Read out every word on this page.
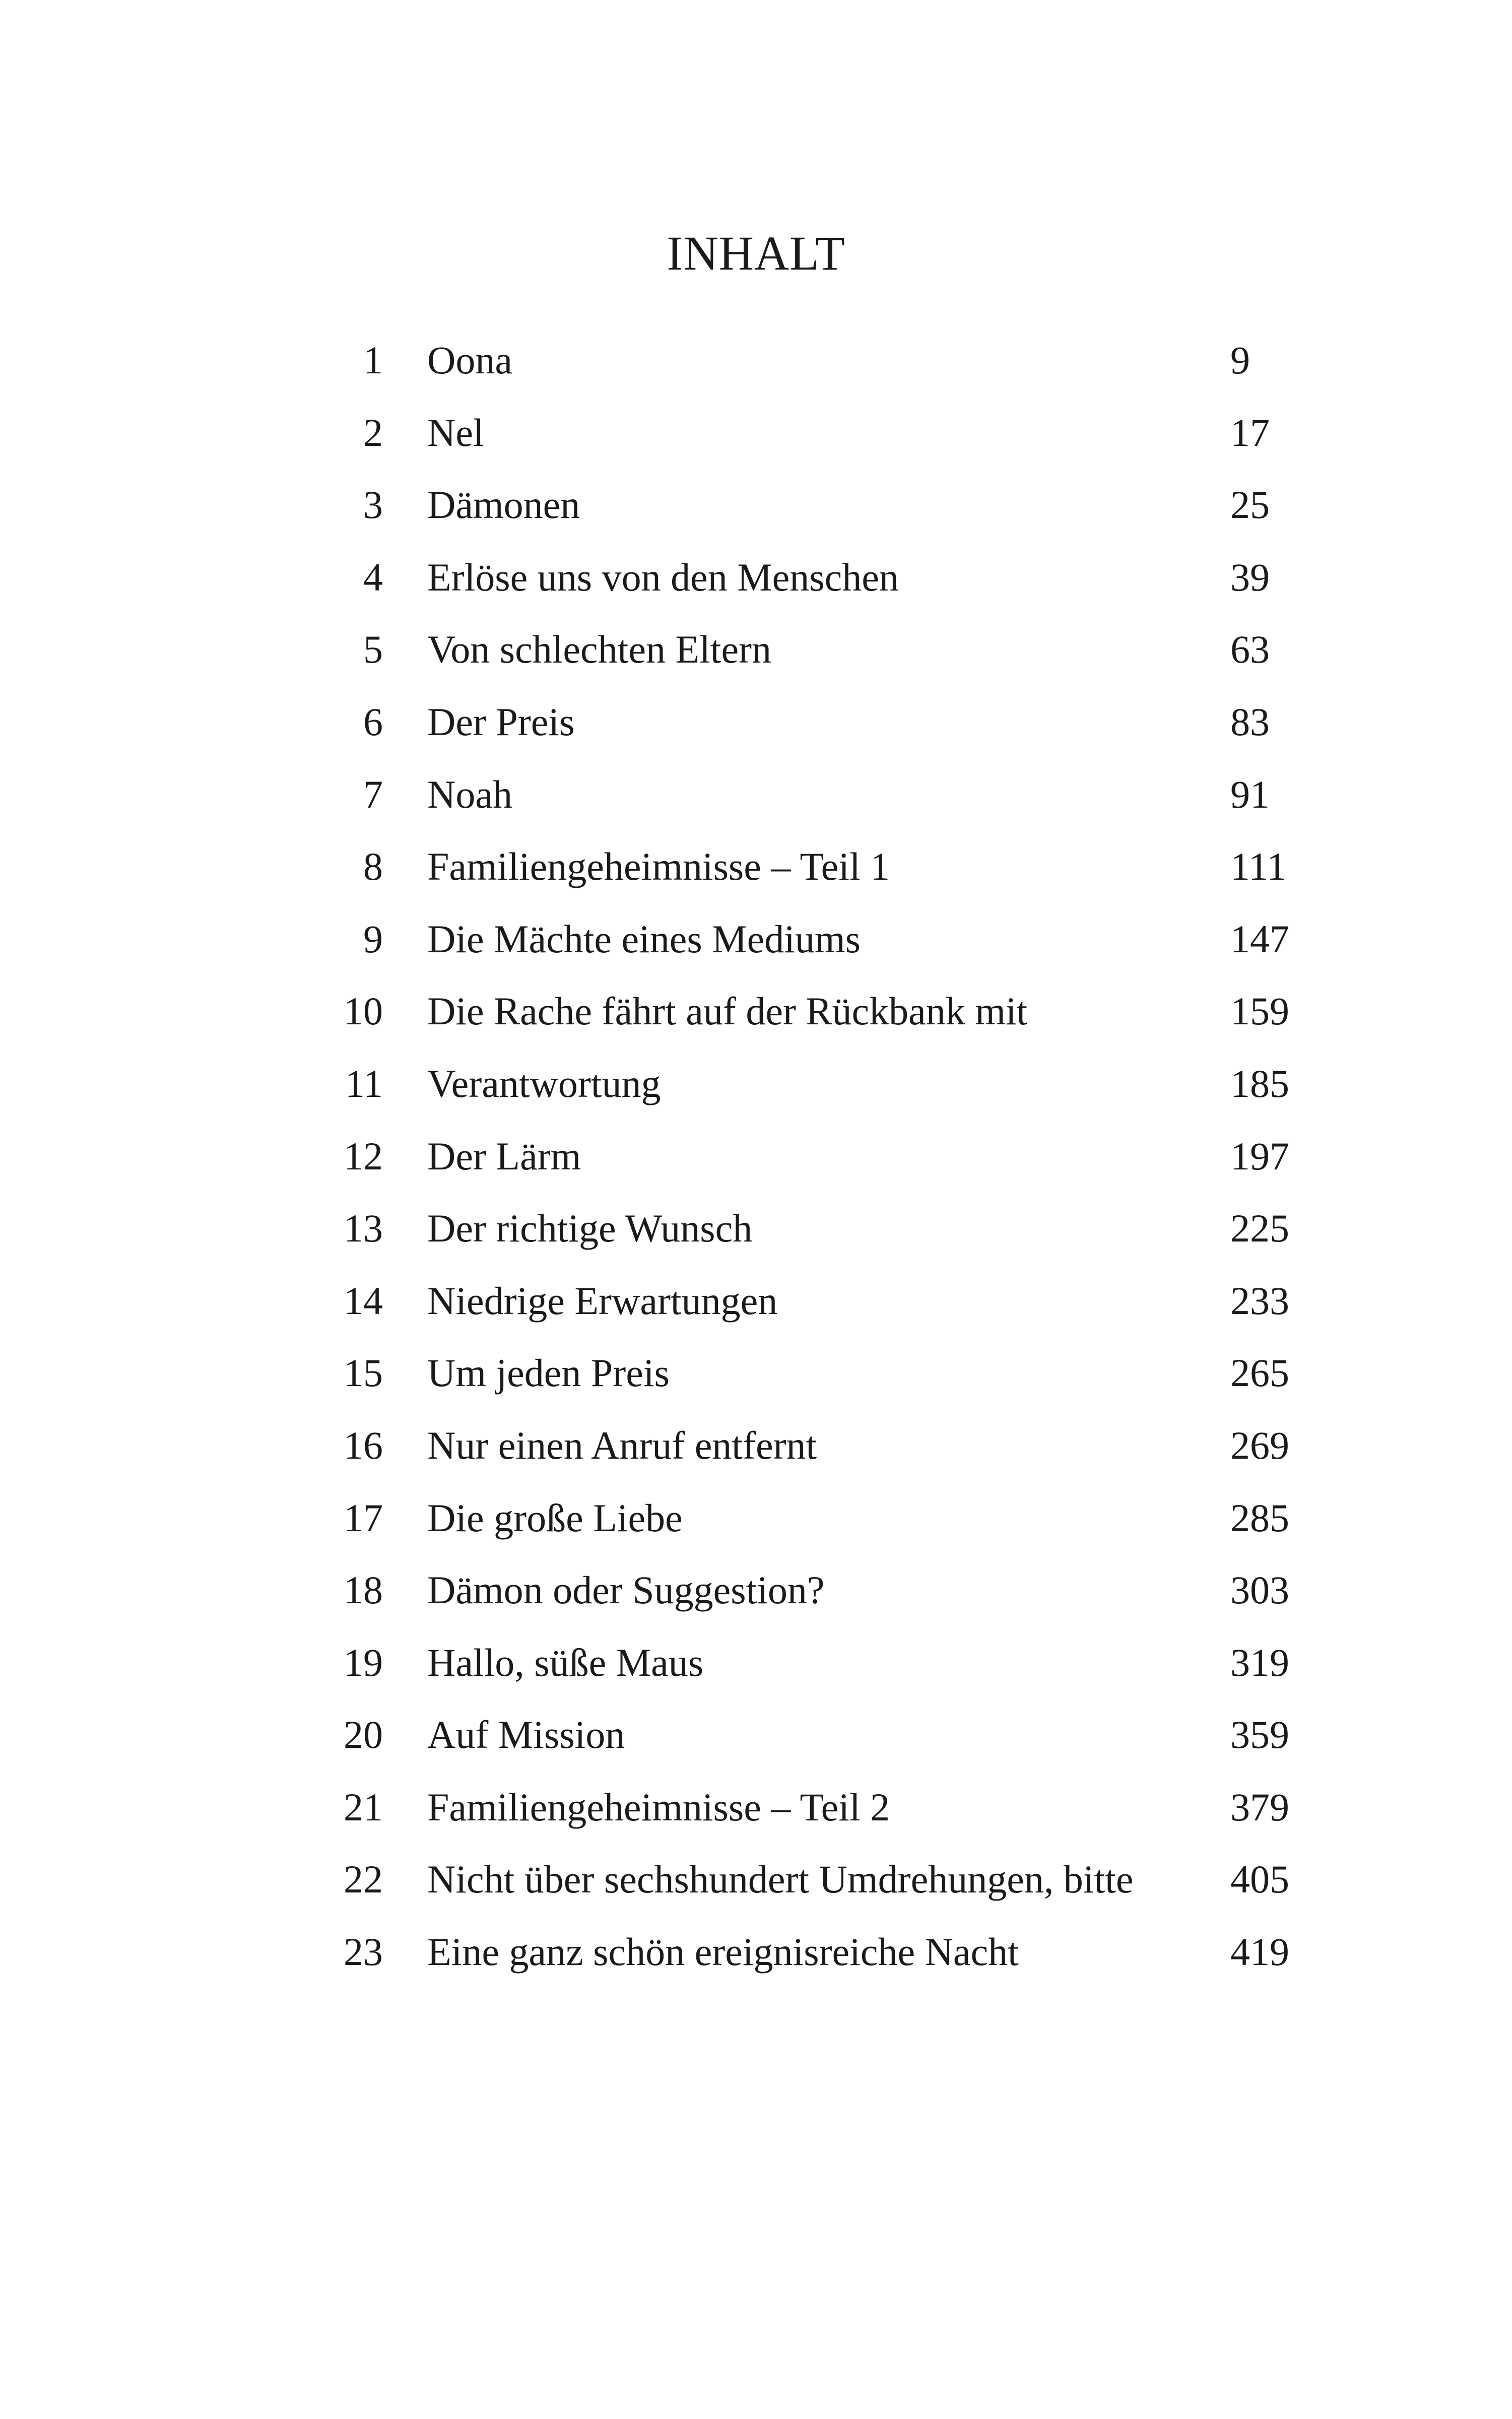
INHALT
1 Oona	9
2 Nel	17
3 Dämonen	25
4 Erlöse uns von den Menschen	39
5 Von schlechten Eltern	63
6 Der Preis	83
7 Noah	91
8 Familiengeheimnisse – Teil 1	111
9 Die Mächte eines Mediums	147
10 Die Rache fährt auf der Rückbank mit	159
11 Verantwortung	185
12 Der Lärm	197
13 Der richtige Wunsch	225
14 Niedrige Erwartungen	233
15 Um jeden Preis	265
16 Nur einen Anruf entfernt	269
17 Die große Liebe	285
18 Dämon oder Suggestion?	303
19 Hallo, süße Maus	319
20 Auf Mission	359
21 Familiengeheimnisse – Teil 2	379
22 Nicht über sechshundert Umdrehungen, bitte 405
23 Eine ganz schön ereignisreiche Nacht	419
